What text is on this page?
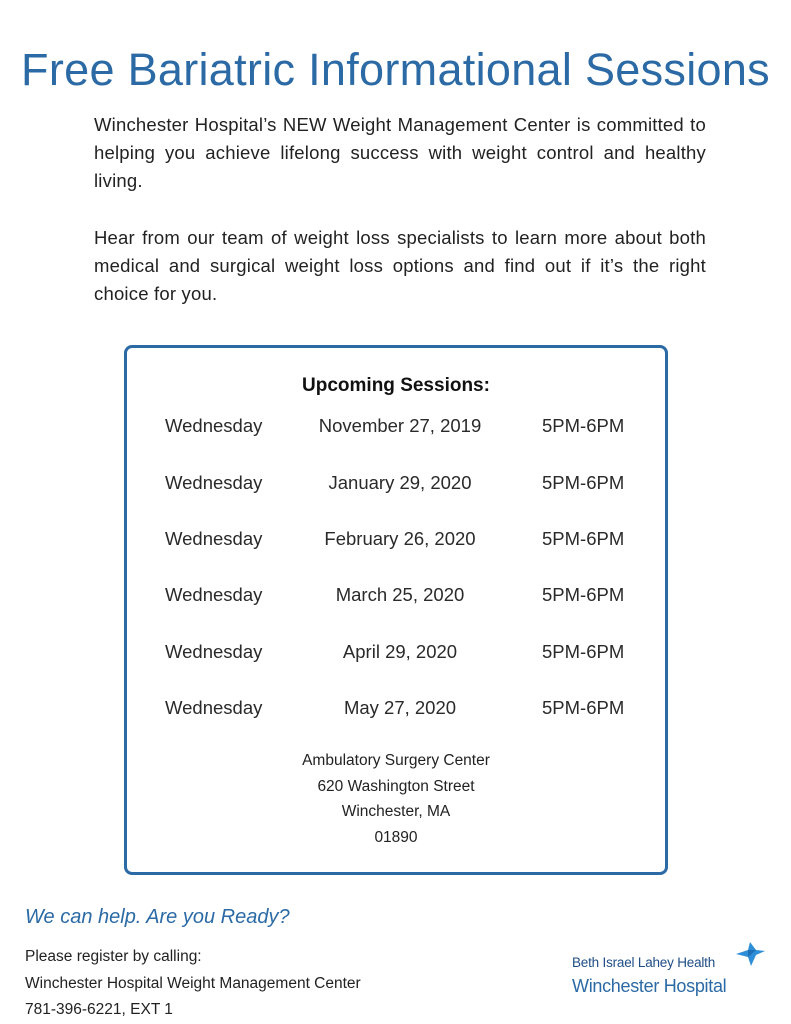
Free Bariatric Informational Sessions

Winchester Hospital’s NEW Weight Management Center is committed to helping you achieve lifelong success with weight control and healthy living.

Hear from our team of weight loss specialists to learn more about both medical and surgical weight loss options and find out if it’s the right choice for you.

Upcoming Sessions:
Wednesday	November 27, 2019	5PM-6PM
Wednesday	January 29, 2020	5PM-6PM
Wednesday	February 26, 2020	5PM-6PM
Wednesday	March 25, 2020	5PM-6PM
Wednesday	April 29, 2020	5PM-6PM
Wednesday	May 27, 2020	5PM-6PM
Ambulatory Surgery Center
620 Washington Street
Winchester, MA
01890
We can help. Are you Ready?
Please register by calling:
Winchester Hospital Weight Management Center
781-396-6221, EXT 1
Beth Israel Lahey Health
Winchester Hospital
